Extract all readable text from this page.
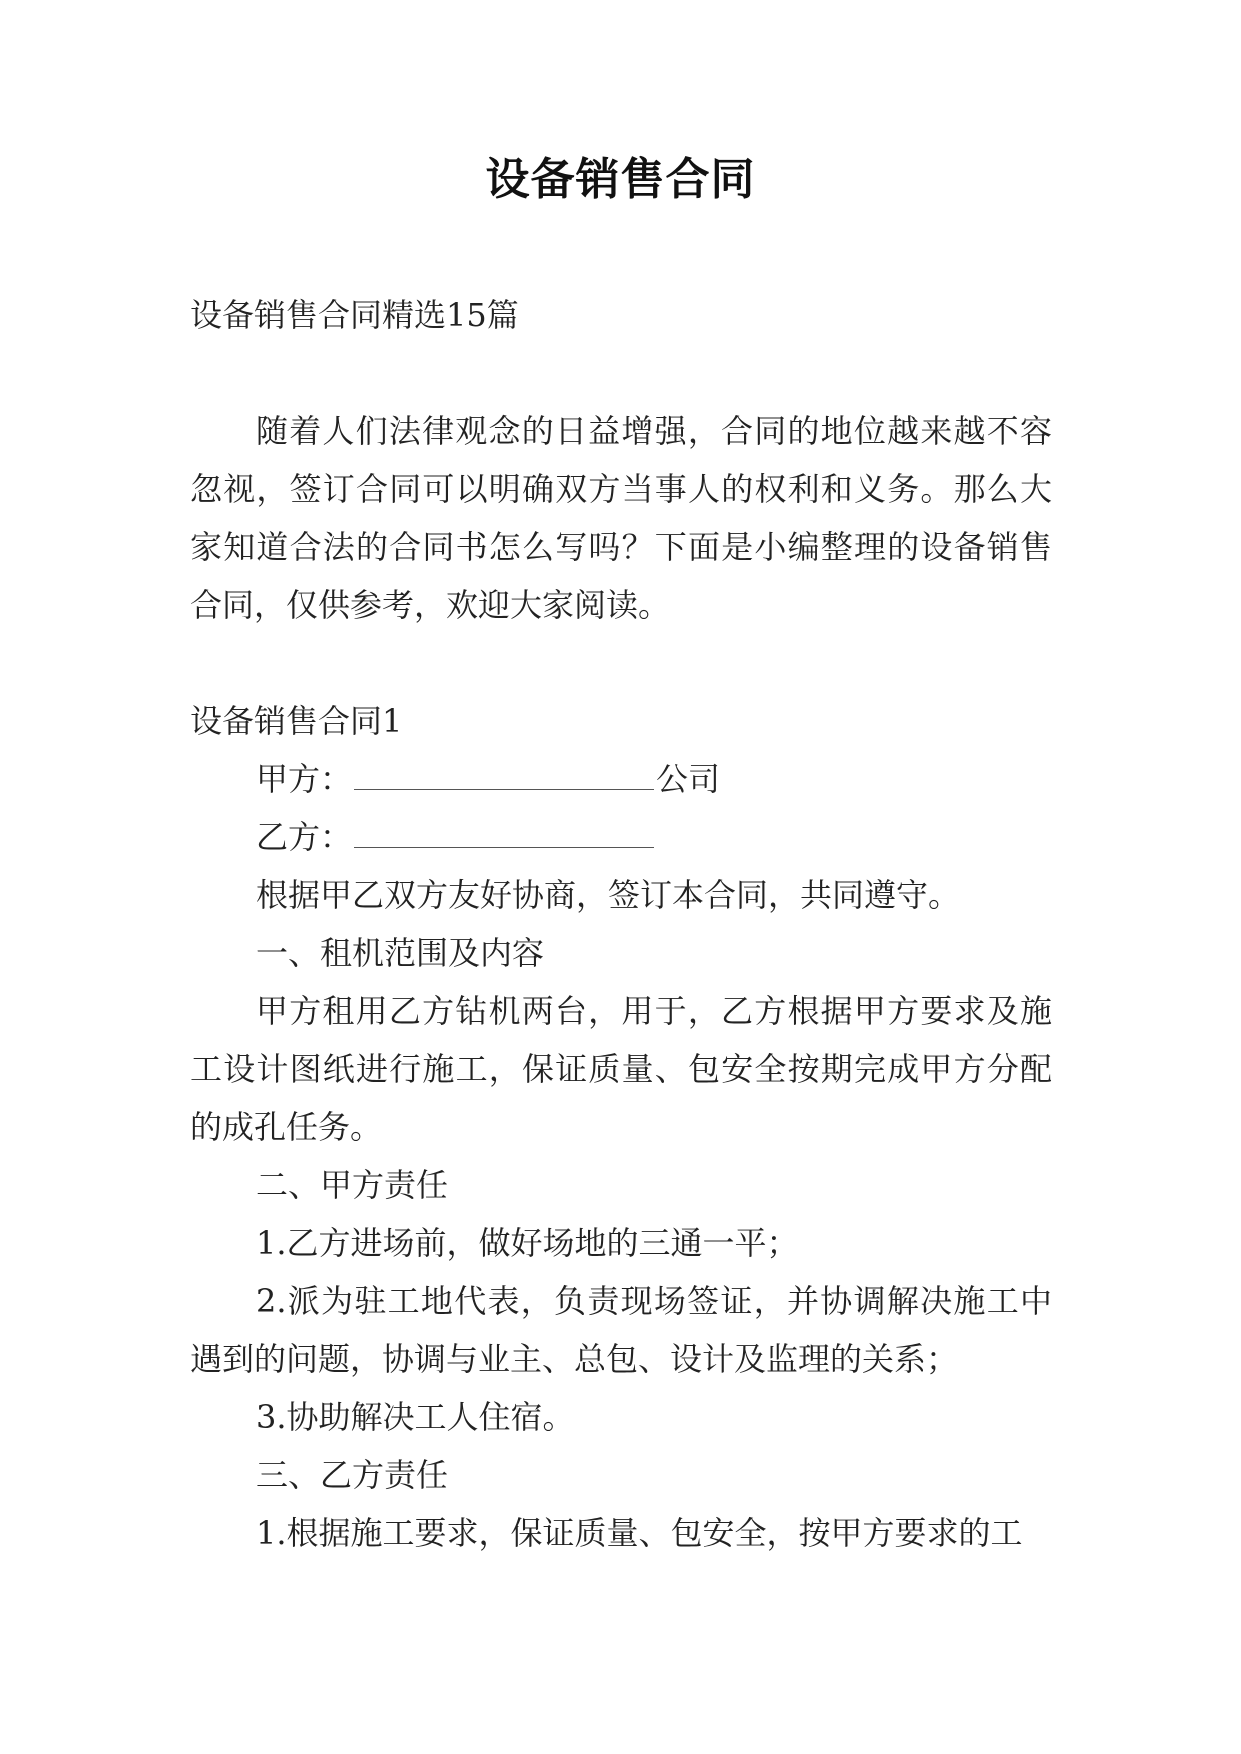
设备销售合同
设备销售合同精选15篇
随着人们法律观念的日益增强，合同的地位越来越不容忽视，签订合同可以明确双方当事人的权利和义务。那么大家知道合法的合同书怎么写吗？下面是小编整理的设备销售合同，仅供参考，欢迎大家阅读。
设备销售合同1
甲方：	公司
乙方：
根据甲乙双方友好协商，签订本合同，共同遵守。
一、租机范围及内容
甲方租用乙方钻机两台，用于，乙方根据甲方要求及施工设计图纸进行施工，保证质量、包安全按期完成甲方分配的成孔任务。
二、甲方责任
1.乙方进场前，做好场地的三通一平；
2.派为驻工地代表，负责现场签证，并协调解决施工中遇到的问题，协调与业主、总包、设计及监理的关系；
3.协助解决工人住宿。
三、乙方责任
1.根据施工要求，保证质量、包安全，按甲方要求的工
